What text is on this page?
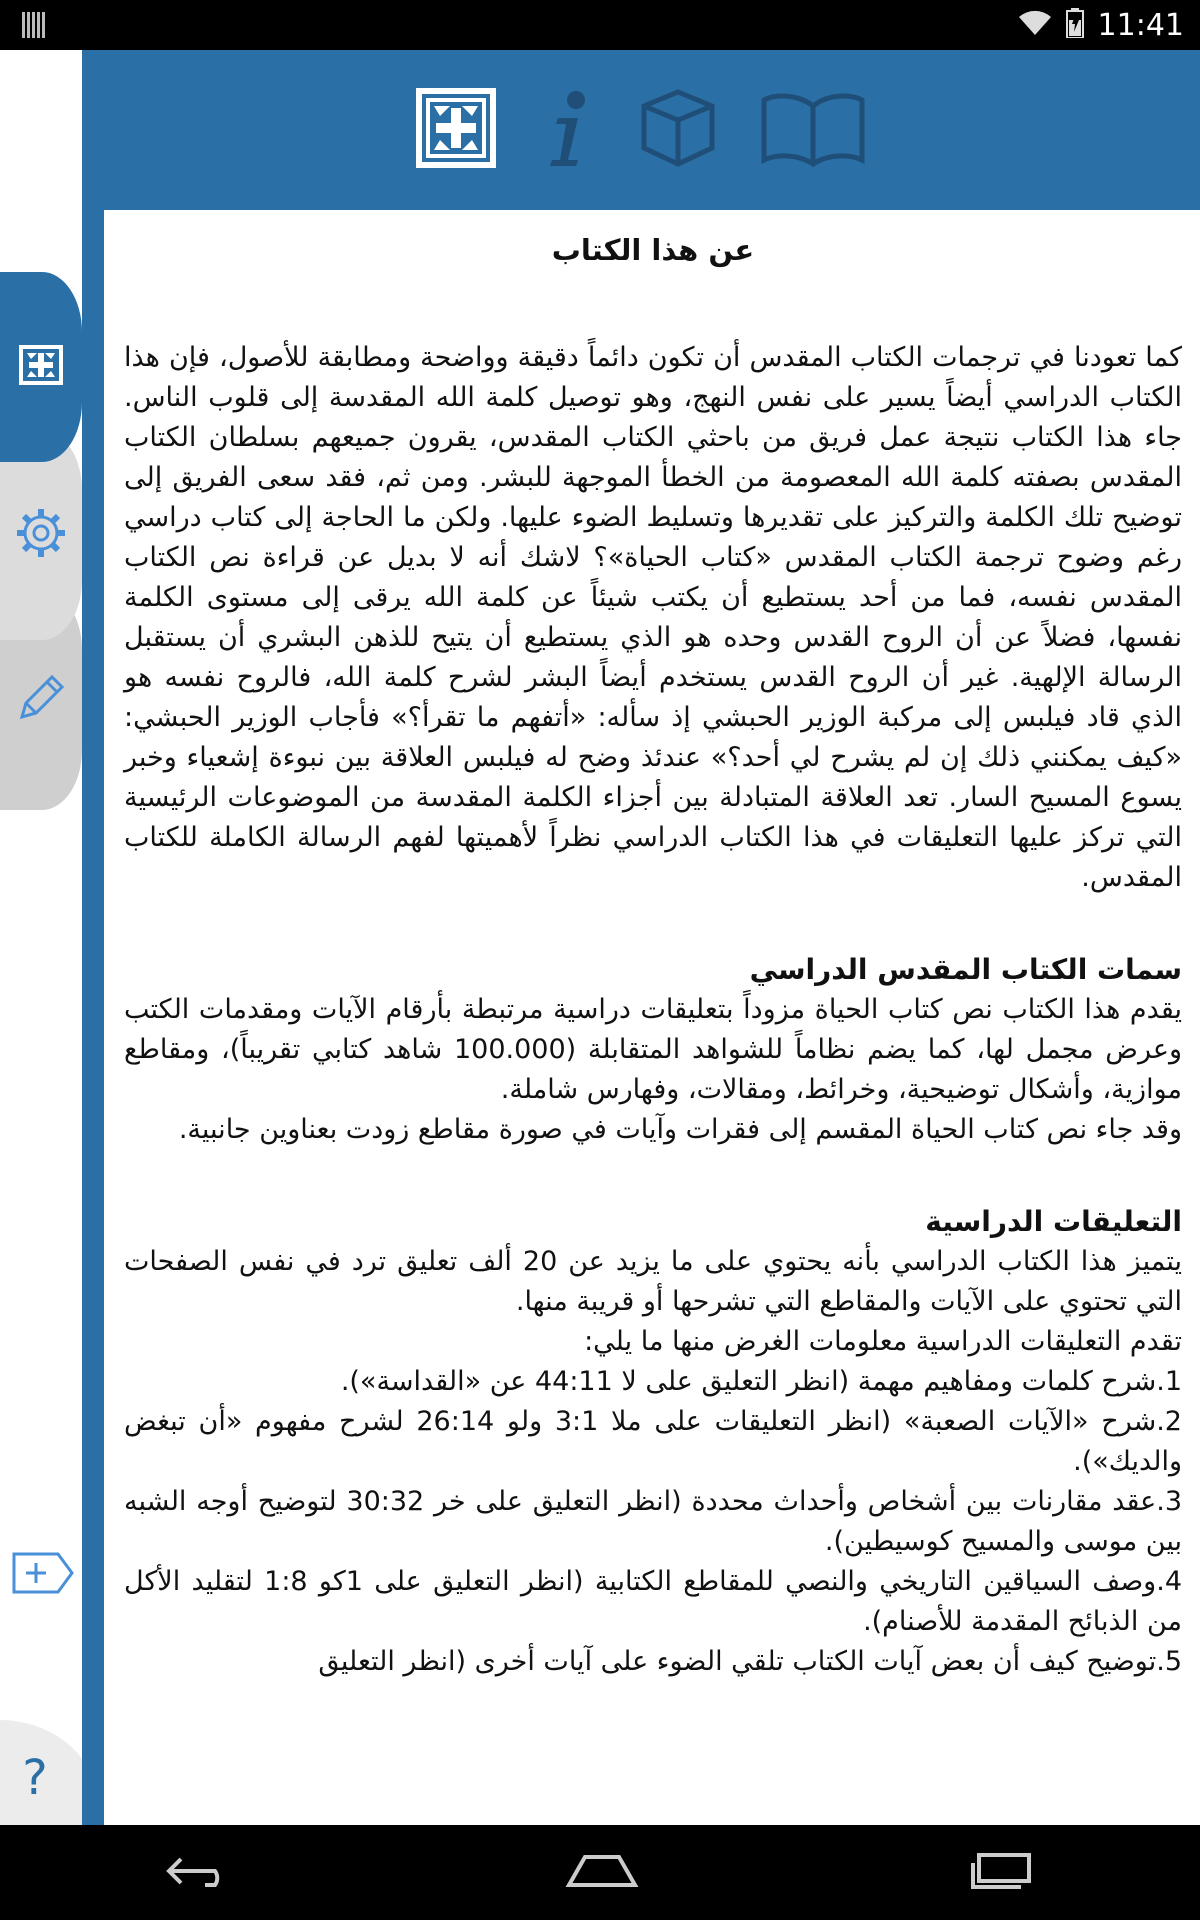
11:41
?
عن هذا الكتاب

كما تعودنا في ترجمات الكتاب المقدس أن تكون دائماً دقيقة وواضحة ومطابقة للأصول، فإن هذا الكتاب الدراسي أيضاً يسير على نفس النهج، وهو توصيل كلمة الله المقدسة إلى قلوب الناس. جاء هذا الكتاب نتيجة عمل فريق من باحثي الكتاب المقدس، يقرون جميعهم بسلطان الكتاب المقدس بصفته كلمة الله المعصومة من الخطأ الموجهة للبشر. ومن ثم، فقد سعى الفريق إلى توضيح تلك الكلمة والتركيز على تقديرها وتسليط الضوء عليها. ولكن ما الحاجة إلى كتاب دراسي رغم وضوح ترجمة الكتاب المقدس «كتاب الحياة»؟ لاشك أنه لا بديل عن قراءة نص الكتاب المقدس نفسه، فما من أحد يستطيع أن يكتب شيئاً عن كلمة الله يرقى إلى مستوى الكلمة نفسها، فضلاً عن أن الروح القدس وحده هو الذي يستطيع أن يتيح للذهن البشري أن يستقبل الرسالة الإلهية. غير أن الروح القدس يستخدم أيضاً البشر لشرح كلمة الله، فالروح نفسه هو الذي قاد فيلبس إلى مركبة الوزير الحبشي إذ سأله: «أتفهم ما تقرأ؟» فأجاب الوزير الحبشي: «كيف يمكنني ذلك إن لم يشرح لي أحد؟» عندئذ وضح له فيلبس العلاقة بين نبوءة إشعياء وخبر يسوع المسيح السار. تعد العلاقة المتبادلة بين أجزاء الكلمة المقدسة من الموضوعات الرئيسية التي تركز عليها التعليقات في هذا الكتاب الدراسي نظراً لأهميتها لفهم الرسالة الكاملة للكتاب المقدس.

سمات الكتاب المقدس الدراسي

يقدم هذا الكتاب نص كتاب الحياة مزوداً بتعليقات دراسية مرتبطة بأرقام الآيات ومقدمات الكتب وعرض مجمل لها، كما يضم نظاماً للشواهد المتقابلة (100.000 شاهد كتابي تقريباً)، ومقاطع موازية، وأشكال توضيحية، وخرائط، ومقالات، وفهارس شاملة.

وقد جاء نص كتاب الحياة المقسم إلى فقرات وآيات في صورة مقاطع زودت بعناوين جانبية.

التعليقات الدراسية

يتميز هذا الكتاب الدراسي بأنه يحتوي على ما يزيد عن 20 ألف تعليق ترد في نفس الصفحات التي تحتوي على الآيات والمقاطع التي تشرحها أو قريبة منها.

تقدم التعليقات الدراسية معلومات الغرض منها ما يلي:

1.شرح كلمات ومفاهيم مهمة (انظر التعليق على لا 44:11 عن «القداسة»).

2.شرح «الآيات الصعبة» (انظر التعليقات على ملا 3:1 ولو 26:14 لشرح مفهوم «أن تبغض والديك»).

3.عقد مقارنات بين أشخاص وأحداث محددة (انظر التعليق على خر 30:32 لتوضيح أوجه الشبه بين موسى والمسيح كوسيطين).

4.وصف السياقين التاريخي والنصي للمقاطع الكتابية (انظر التعليق على 1كو 1:8 لتقليد الأكل من الذبائح المقدمة للأصنام).

5.توضيح كيف أن بعض آيات الكتاب تلقي الضوء على آيات أخرى (انظر التعليق
